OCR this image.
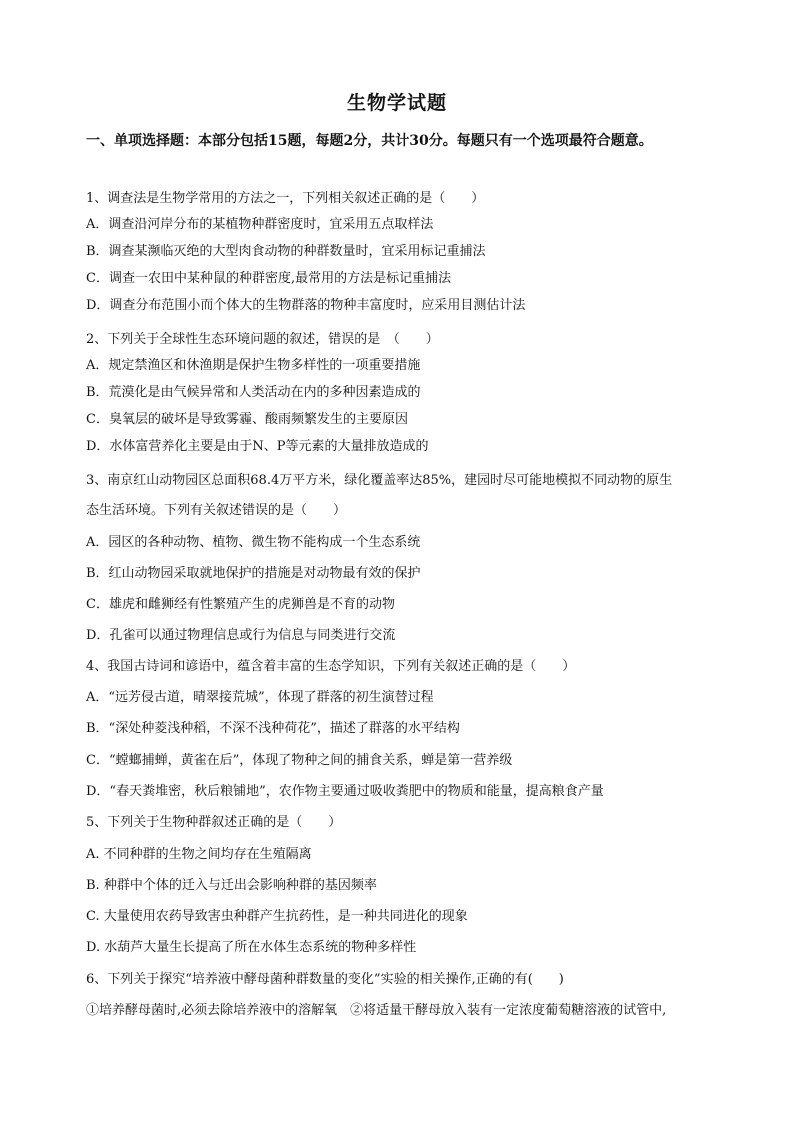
生物学试题
一、单项选择题：本部分包括15题，每题2分，共计30分。每题只有一个选项最符合题意。
1、调查法是生物学常用的方法之一，下列相关叙述正确的是（　　）
A．调查沿河岸分布的某植物种群密度时，宜采用五点取样法
B．调查某濒临灭绝的大型肉食动物的种群数量时，宜采用标记重捕法
C．调查一农田中某种鼠的种群密度,最常用的方法是标记重捕法
D．调查分布范围小而个体大的生物群落的物种丰富度时，应采用目测估计法
2、下列关于全球性生态环境问题的叙述，错误的是　（　　）
A．规定禁渔区和休渔期是保护生物多样性的一项重要措施
B．荒漠化是由气候异常和人类活动在内的多种因素造成的
C．臭氧层的破坏是导致雾霾、酸雨频繁发生的主要原因
D．水体富营养化主要是由于N、P等元素的大量排放造成的
3、南京红山动物园区总面积68.4万平方米，绿化覆盖率达85%，建园时尽可能地模拟不同动物的原生
态生活环境。下列有关叙述错误的是（　　）
A．园区的各种动物、植物、微生物不能构成一个生态系统
B．红山动物园采取就地保护的措施是对动物最有效的保护
C．雄虎和雌狮经有性繁殖产生的虎狮兽是不育的动物
D．孔雀可以通过物理信息或行为信息与同类进行交流
4、我国古诗词和谚语中，蕴含着丰富的生态学知识，下列有关叙述正确的是（　　）
A．“远芳侵古道，晴翠接荒城”，体现了群落的初生演替过程
B．“深处种菱浅种稻，不深不浅种荷花”，描述了群落的水平结构
C．“螳螂捕蝉，黄雀在后”，体现了物种之间的捕食关系，蝉是第一营养级
D．“春天粪堆密，秋后粮铺地”，农作物主要通过吸收粪肥中的物质和能量，提高粮食产量
5、下列关于生物种群叙述正确的是（　　）
A. 不同种群的生物之间均存在生殖隔离
B. 种群中个体的迁入与迁出会影响种群的基因频率
C. 大量使用农药导致害虫种群产生抗药性，是一种共同进化的现象
D. 水葫芦大量生长提高了所在水体生态系统的物种多样性
6、下列关于探究“培养液中酵母菌种群数量的变化”实验的相关操作,正确的有(　　)
①培养酵母菌时,必须去除培养液中的溶解氧　②将适量干酵母放入装有一定浓度葡萄糖溶液的试管中,
